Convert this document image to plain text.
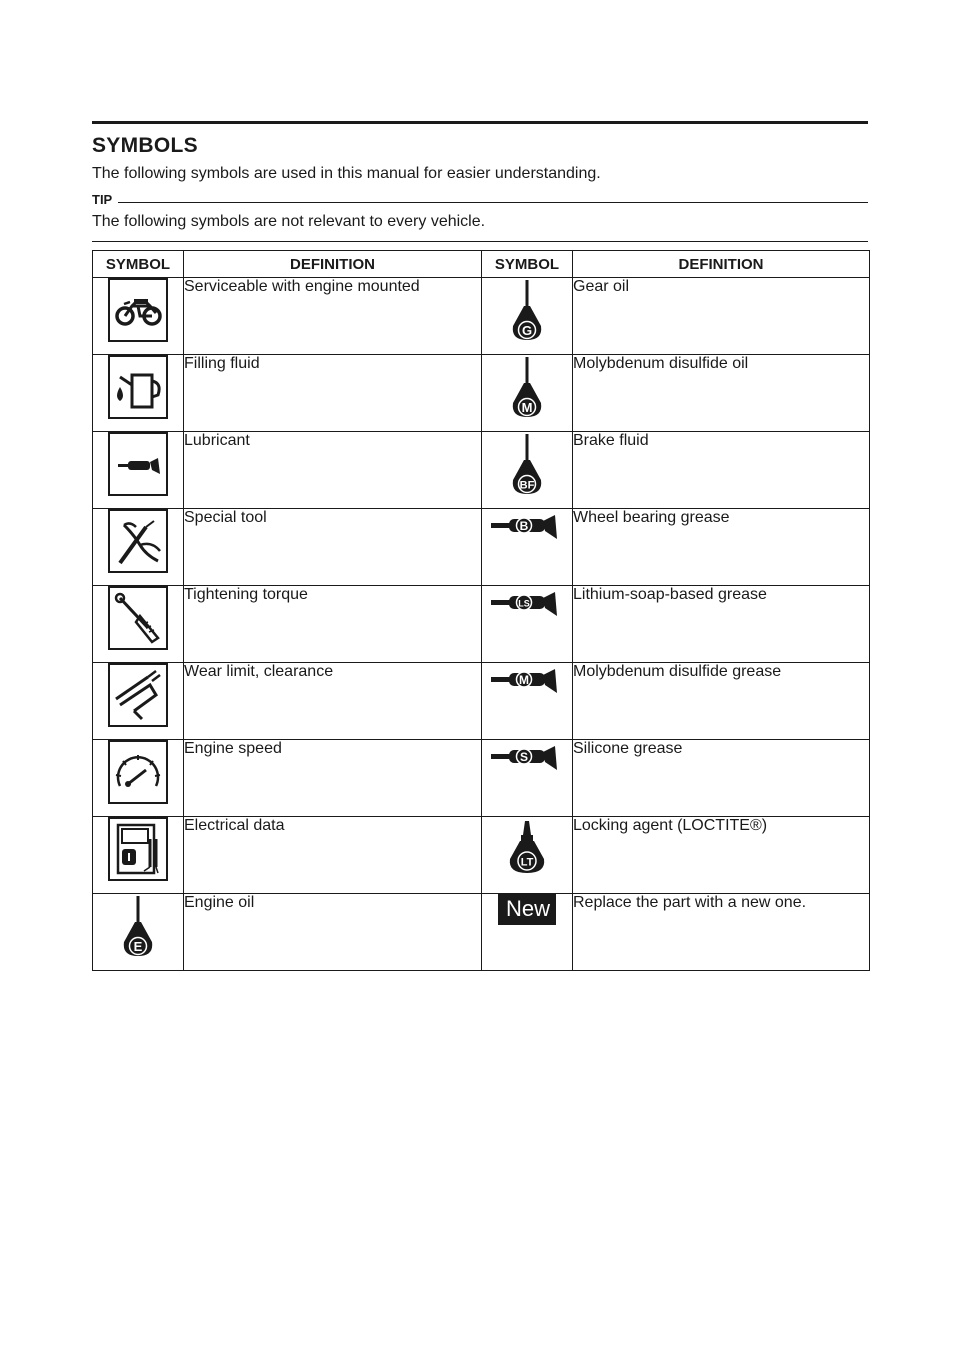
SYMBOLS
The following symbols are used in this manual for easier understanding.
TIP
The following symbols are not relevant to every vehicle.
SYMBOL	DEFINITION	SYMBOL	DEFINITION

	Serviceable with engine mounted	G	Gear oil

	Filling fluid	M	Molybdenum disulfide oil

	Lubricant	BF	Brake fluid

	Special tool	B	Wheel bearing grease

	Tightening torque	LS	Lithium-soap-based grease

	Wear limit, clearance	M	Molybdenum disulfide grease

	Engine speed	S	Silicone grease

	Electrical data	LT	Locking agent (LOCTITE®)

E	Engine oil	New	Replace the part with a new one.
